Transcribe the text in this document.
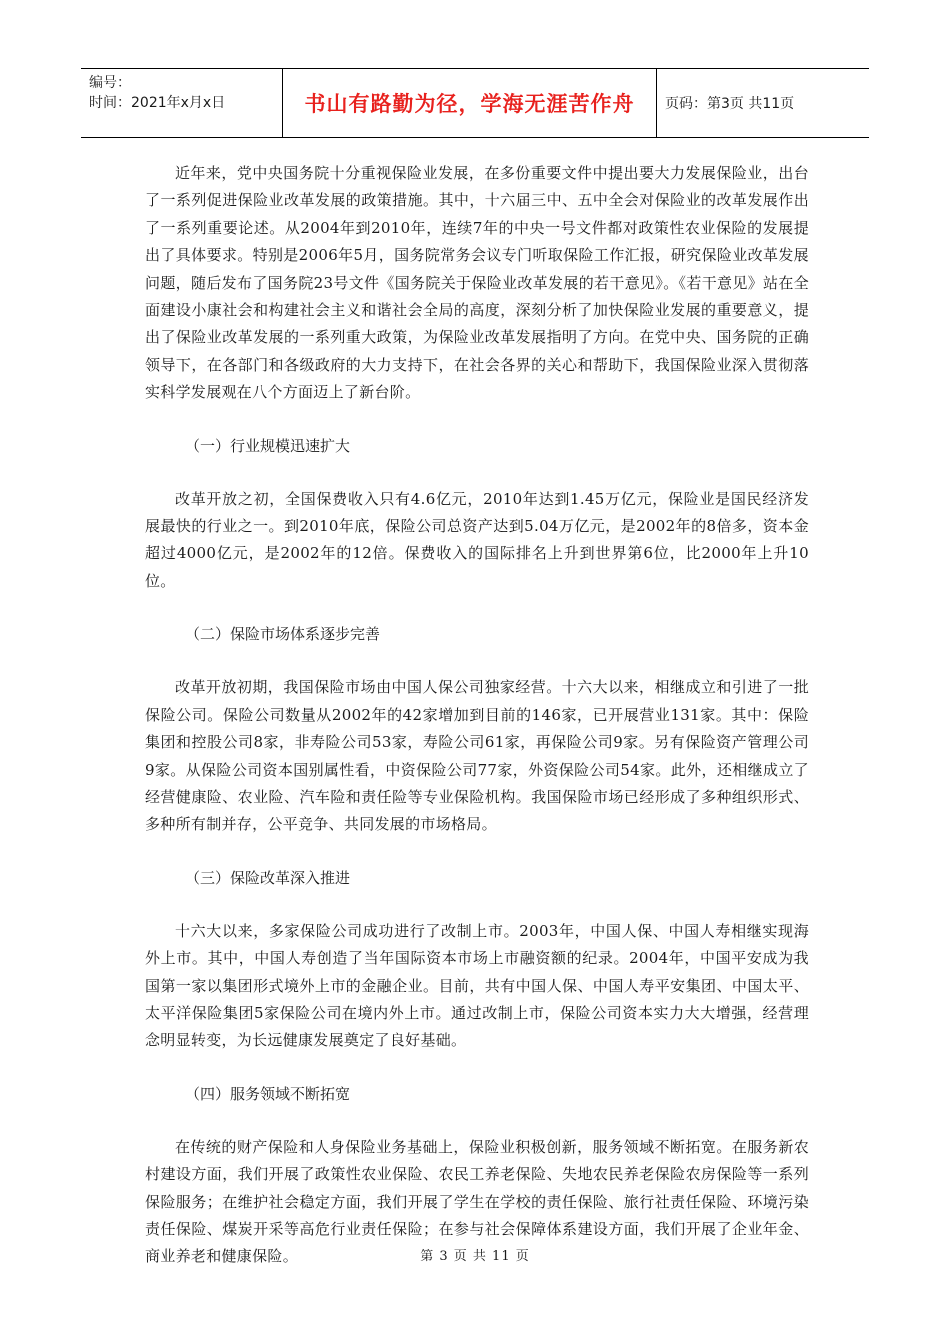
编号：
时间：2021年x月x日	书山有路勤为径，学海无涯苦作舟	页码：第3页 共11页

近年来，党中央国务院十分重视保险业发展，在多份重要文件中提出要大力发展保险业，出台了一系列促进保险业改革发展的政策措施。其中，十六届三中、五中全会对保险业的改革发展作出了一系列重要论述。从2004年到2010年，连续7年的中央一号文件都对政策性农业保险的发展提出了具体要求。特别是2006年5月，国务院常务会议专门听取保险工作汇报，研究保险业改革发展问题，随后发布了国务院23号文件《国务院关于保险业改革发展的若干意见》。《若干意见》站在全面建设小康社会和构建社会主义和谐社会全局的高度，深刻分析了加快保险业发展的重要意义，提出了保险业改革发展的一系列重大政策，为保险业改革发展指明了方向。在党中央、国务院的正确领导下，在各部门和各级政府的大力支持下，在社会各界的关心和帮助下，我国保险业深入贯彻落实科学发展观在八个方面迈上了新台阶。

（一）行业规模迅速扩大

改革开放之初，全国保费收入只有4.6亿元，2010年达到1.45万亿元，保险业是国民经济发展最快的行业之一。到2010年底，保险公司总资产达到5.04万亿元，是2002年的8倍多，资本金超过4000亿元，是2002年的12倍。保费收入的国际排名上升到世界第6位，比2000年上升10位。

（二）保险市场体系逐步完善

改革开放初期，我国保险市场由中国人保公司独家经营。十六大以来，相继成立和引进了一批保险公司。保险公司数量从2002年的42家增加到目前的146家，已开展营业131家。其中：保险集团和控股公司8家，非寿险公司53家，寿险公司61家，再保险公司9家。另有保险资产管理公司9家。从保险公司资本国别属性看，中资保险公司77家，外资保险公司54家。此外，还相继成立了经营健康险、农业险、汽车险和责任险等专业保险机构。我国保险市场已经形成了多种组织形式、多种所有制并存，公平竞争、共同发展的市场格局。

（三）保险改革深入推进

十六大以来，多家保险公司成功进行了改制上市。2003年，中国人保、中国人寿相继实现海外上市。其中，中国人寿创造了当年国际资本市场上市融资额的纪录。2004年，中国平安成为我国第一家以集团形式境外上市的金融企业。目前，共有中国人保、中国人寿平安集团、中国太平、太平洋保险集团5家保险公司在境内外上市。通过改制上市，保险公司资本实力大大增强，经营理念明显转变，为长远健康发展奠定了良好基础。

（四）服务领域不断拓宽

在传统的财产保险和人身保险业务基础上，保险业积极创新，服务领域不断拓宽。在服务新农村建设方面，我们开展了政策性农业保险、农民工养老保险、失地农民养老保险农房保险等一系列保险服务；在维护社会稳定方面，我们开展了学生在学校的责任保险、旅行社责任保险、环境污染责任保险、煤炭开采等高危行业责任保险；在参与社会保障体系建设方面，我们开展了企业年金、商业养老和健康保险。	第 3 页 共 11 页
